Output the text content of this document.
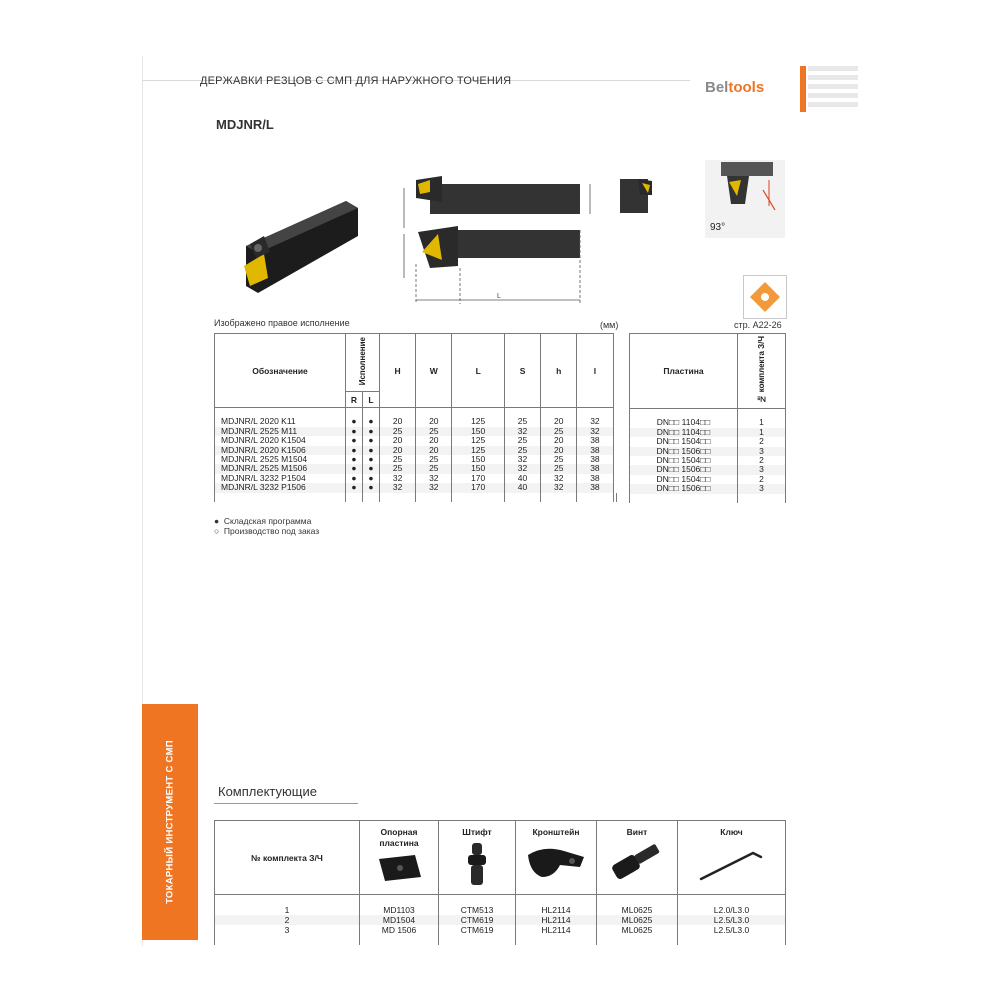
ДЕРЖАВКИ РЕЗЦОВ С СМП ДЛЯ НАРУЖНОГО ТОЧЕНИЯ	Beltools
MDJNR/L
L
93°
Изображено правое исполнение	(мм)	стр. A22-26
Обозначение	Исполнение		H	W	L	S	h	l	
	R	L							

MDJNR/L 2020 K11	●	●	20	20	125	25	20	32	
MDJNR/L 2525 M11	●	●	25	25	150	32	25	32	
MDJNR/L 2020 K1504	●	●	20	20	125	25	20	38	
MDJNR/L 2020 K1506	●	●	20	20	125	25	20	38	
MDJNR/L 2525 M1504	●	●	25	25	150	32	25	38	
MDJNR/L 2525 M1506	●	●	25	25	150	32	25	38	
MDJNR/L 3232 P1504	●	●	32	32	170	40	32	38	
MDJNR/L 3232 P1506	●	●	32	32	170	40	32	38	

Пластина	№ комплекта З/Ч

DN□□ 1104□□	1
DN□□ 1104□□	1
DN□□ 1504□□	2
DN□□ 1506□□	3
DN□□ 1504□□	2
DN□□ 1506□□	3
DN□□ 1504□□	2
DN□□ 1506□□	3

● Складская программа
○ Производство под заказ
ТОКАРНЫЙ ИНСТРУМЕНТ С СМП	Комплектующие
№ комплекта З/Ч	Опорная пластина	Штифт	Кронштейн	Винт	Ключ

1	MD1103	CTM513	HL2114	ML0625	L2.0/L3.0
2	MD1504	CTM619	HL2114	ML0625	L2.5/L3.0
3	MD 1506	CTM619	HL2114	ML0625	L2.5/L3.0
